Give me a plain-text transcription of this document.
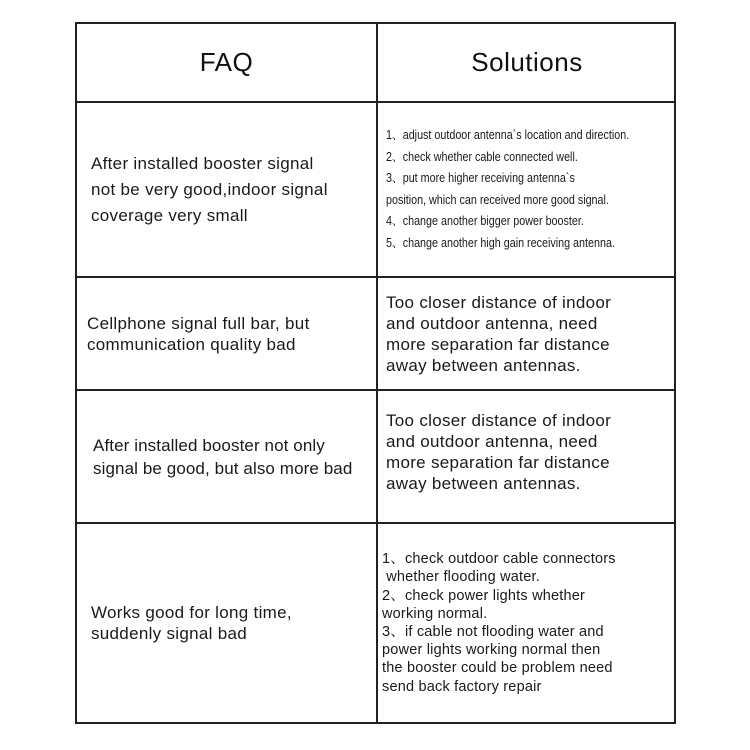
FAQ	Solutions
After installed booster signal
not be very good,indoor signal
coverage very small
1、adjust outdoor antenna`s location and direction.
2、check whether cable connected well.
3、put more higher receiving antenna`s
position, which can received more good signal.
4、change another bigger power booster.
5、change another high gain receiving antenna.
Cellphone signal full bar, but
communication quality bad
Too closer distance of indoor
and outdoor antenna, need
more separation far distance
away between antennas.
After installed booster not only
signal be good, but also more bad
Too closer distance of indoor
and outdoor antenna, need
more separation far distance
away between antennas.
Works good for long time,
suddenly signal bad
1、check outdoor cable connectors
whether flooding water.
2、check power lights whether
working normal.
3、if cable not flooding water and
power lights working normal then
the booster could be problem need
send back factory repair
